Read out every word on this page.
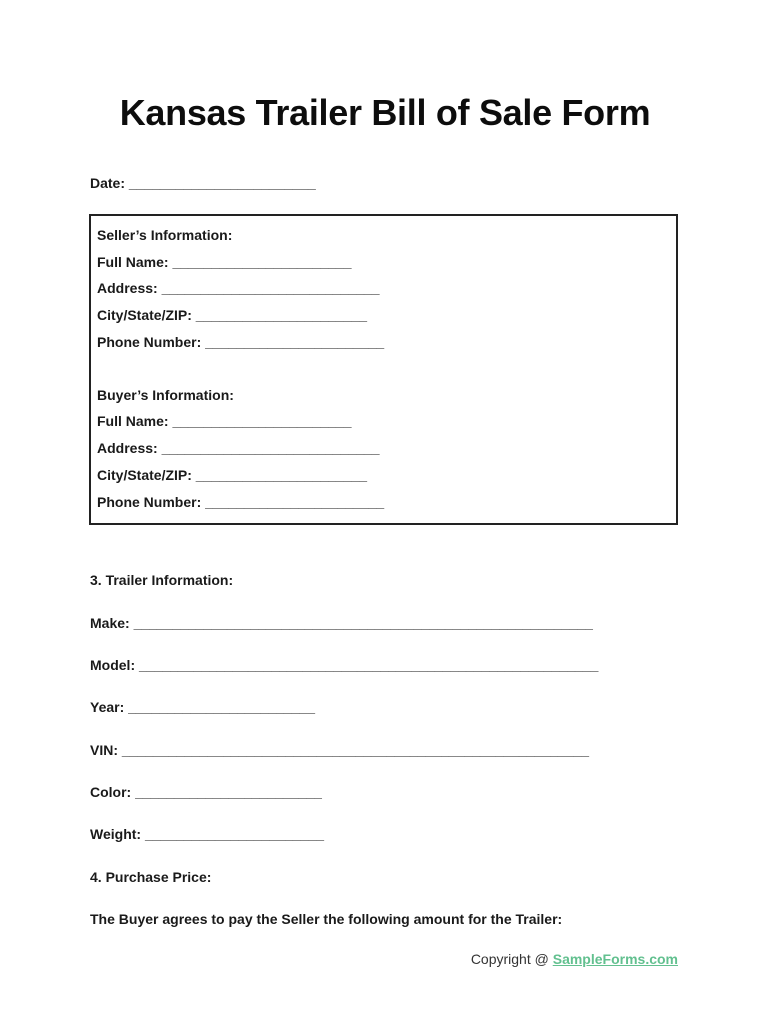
Kansas Trailer Bill of Sale Form
Date: ________________________
Seller’s Information:
Full Name: _______________________
Address: ____________________________
City/State/ZIP: ______________________
Phone Number: _______________________
Buyer’s Information:
Full Name: _______________________
Address: ____________________________
City/State/ZIP: ______________________
Phone Number: _______________________
3. Trailer Information:
Make: ___________________________________________________________
Model: ___________________________________________________________
Year: ________________________
VIN: ____________________________________________________________
Color: ________________________
Weight: _______________________
4. Purchase Price:
The Buyer agrees to pay the Seller the following amount for the Trailer:
Copyright @ SampleForms.com
